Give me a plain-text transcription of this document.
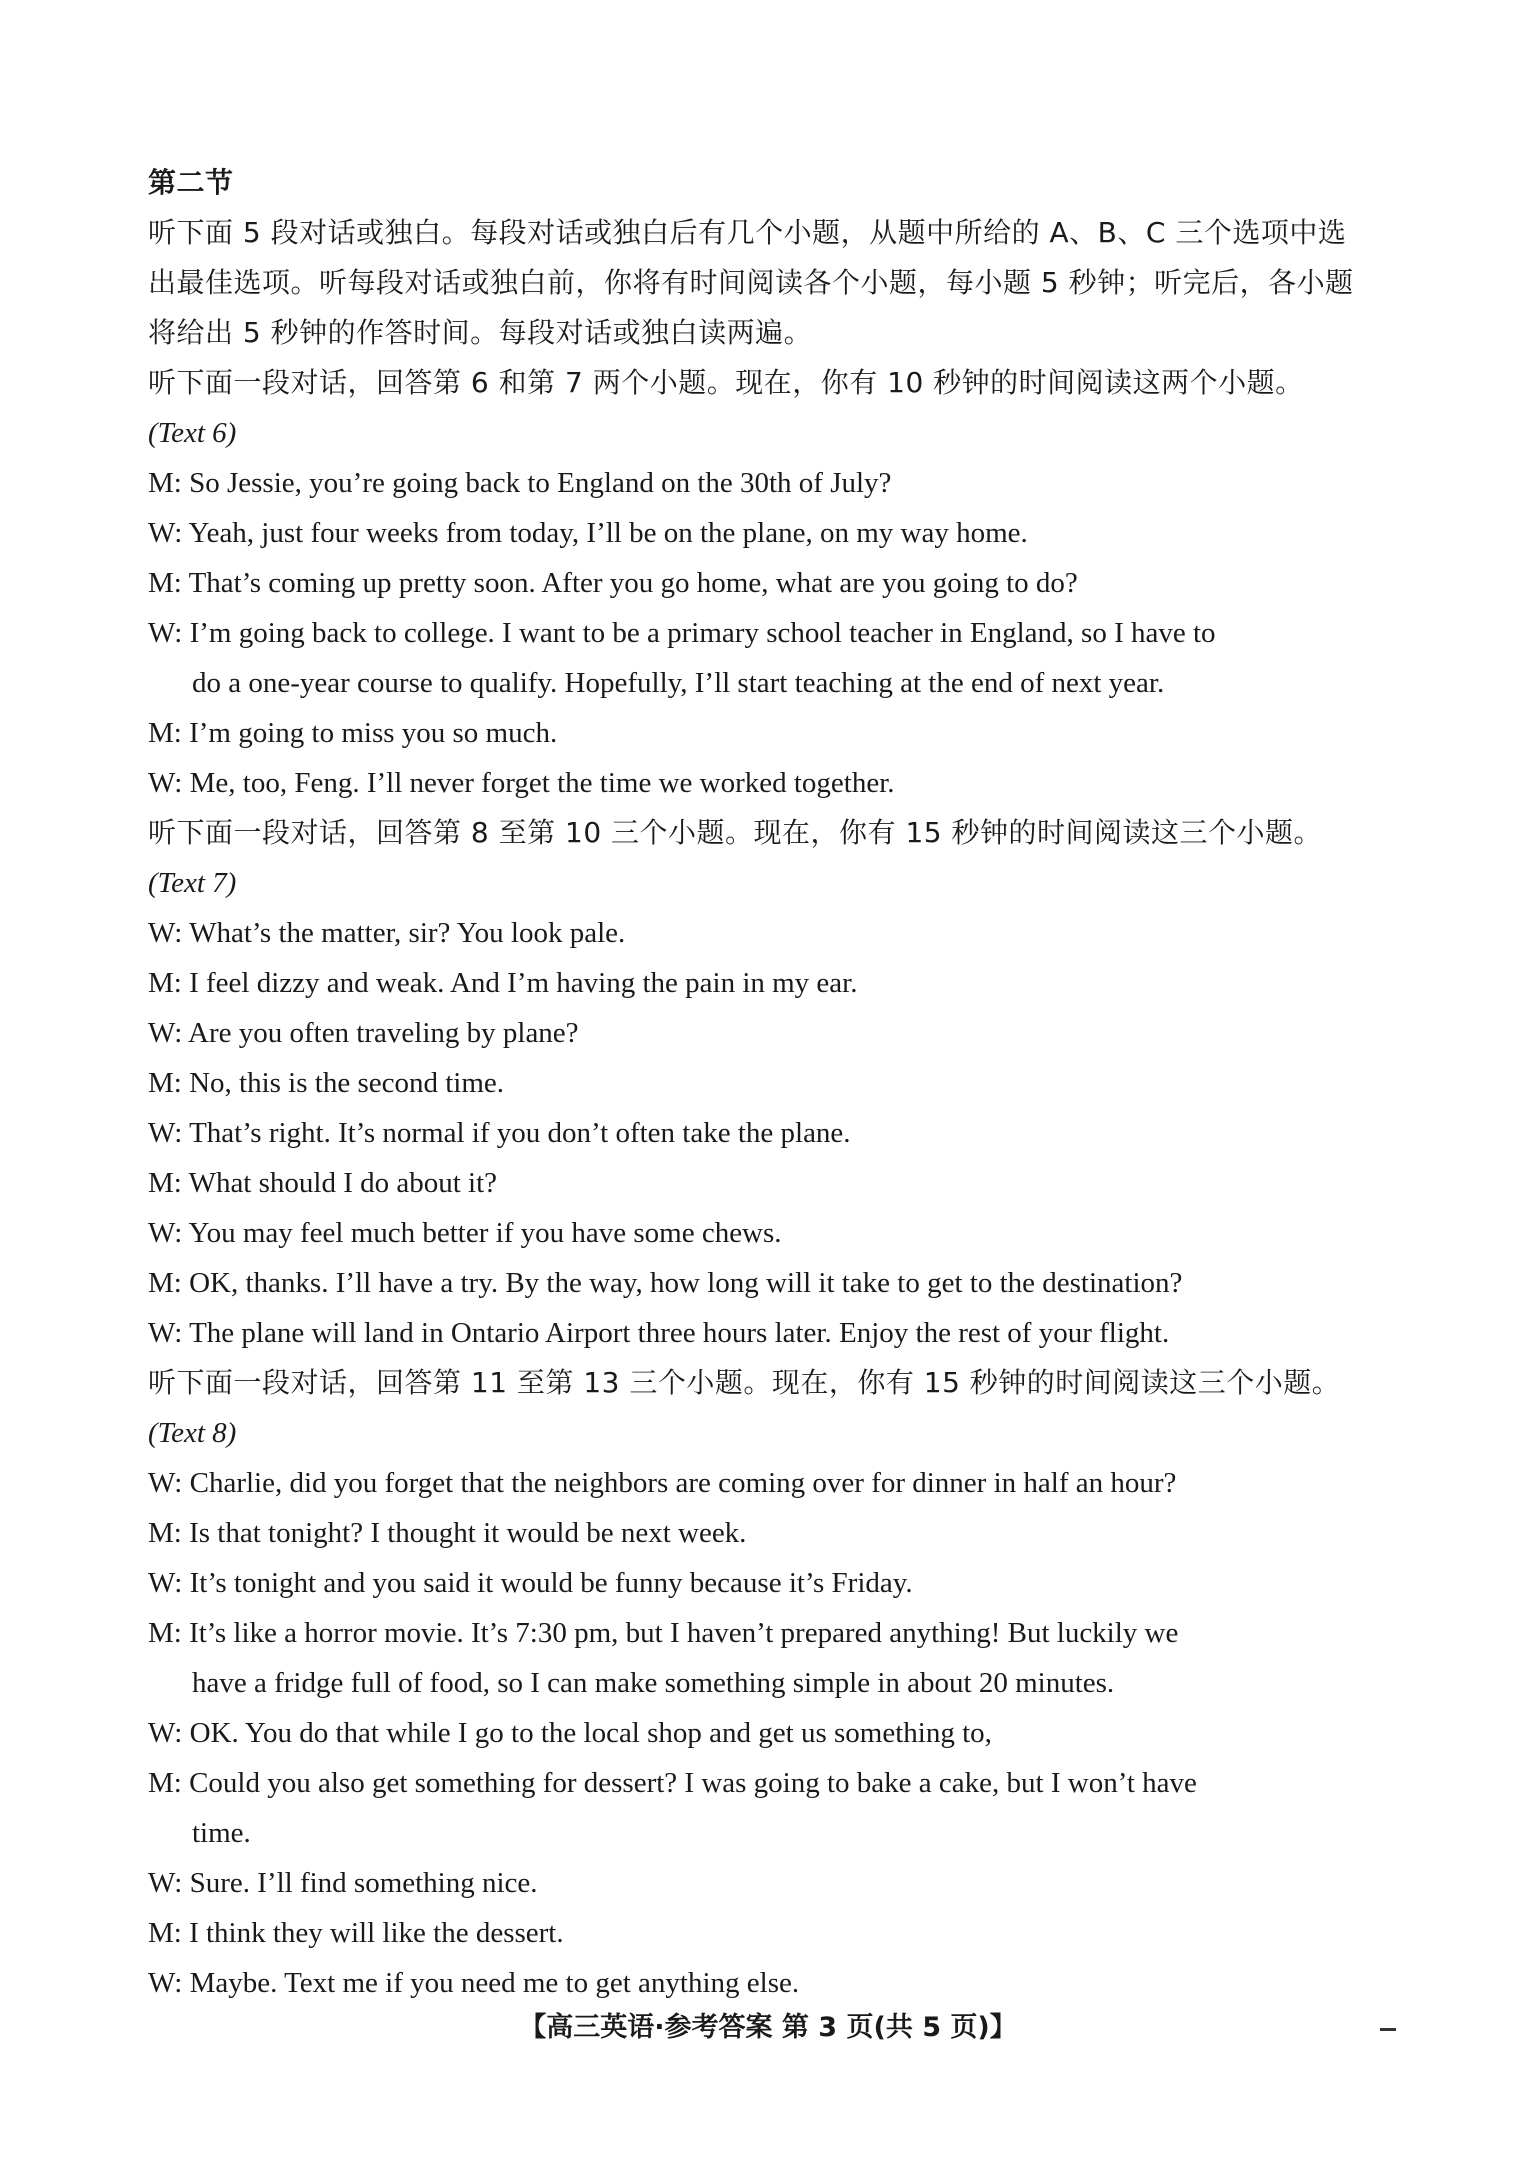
第二节
听下面 5 段对话或独白。每段对话或独白后有几个小题，从题中所给的 A、B、C 三个选项中选
出最佳选项。听每段对话或独白前，你将有时间阅读各个小题，每小题 5 秒钟；听完后，各小题
将给出 5 秒钟的作答时间。每段对话或独白读两遍。
听下面一段对话，回答第 6 和第 7 两个小题。现在，你有 10 秒钟的时间阅读这两个小题。
(Text 6)
M: So Jessie, you’re going back to England on the 30th of July?
W: Yeah, just four weeks from today, I’ll be on the plane, on my way home.
M: That’s coming up pretty soon. After you go home, what are you going to do?
W: I’m going back to college. I want to be a primary school teacher in England, so I have to
do a one-year course to qualify. Hopefully, I’ll start teaching at the end of next year.
M: I’m going to miss you so much.
W: Me, too, Feng. I’ll never forget the time we worked together.
听下面一段对话，回答第 8 至第 10 三个小题。现在，你有 15 秒钟的时间阅读这三个小题。
(Text 7)
W: What’s the matter, sir? You look pale.
M: I feel dizzy and weak. And I’m having the pain in my ear.
W: Are you often traveling by plane?
M: No, this is the second time.
W: That’s right. It’s normal if you don’t often take the plane.
M: What should I do about it?
W: You may feel much better if you have some chews.
M: OK, thanks. I’ll have a try. By the way, how long will it take to get to the destination?
W: The plane will land in Ontario Airport three hours later. Enjoy the rest of your flight.
听下面一段对话，回答第 11 至第 13 三个小题。现在，你有 15 秒钟的时间阅读这三个小题。
(Text 8)
W: Charlie, did you forget that the neighbors are coming over for dinner in half an hour?
M: Is that tonight? I thought it would be next week.
W: It’s tonight and you said it would be funny because it’s Friday.
M: It’s like a horror movie. It’s 7:30 pm, but I haven’t prepared anything! But luckily we
have a fridge full of food, so I can make something simple in about 20 minutes.
W: OK. You do that while I go to the local shop and get us something to,
M: Could you also get something for dessert? I was going to bake a cake, but I won’t have
time.
W: Sure. I’ll find something nice.
M: I think they will like the dessert.
W: Maybe. Text me if you need me to get anything else.
【高三英语·参考答案 第 3 页(共 5 页)】
